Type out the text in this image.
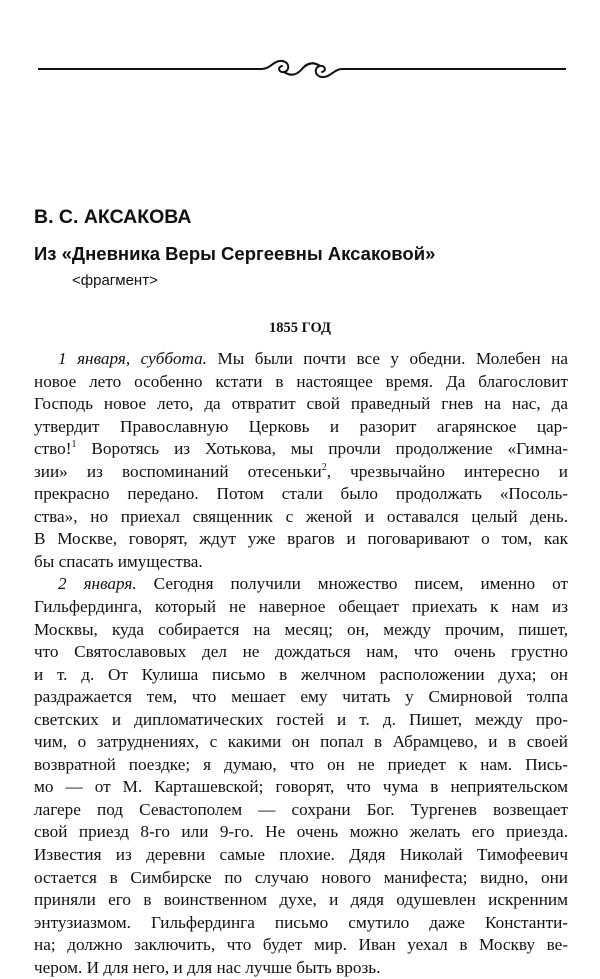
В. С. АКСАКОВА
Из «Дневника Веры Сергеевны Аксаковой»
<фрагмент>
1855 ГОД
1 января, суббота. Мы были почти все у обедни. Молебен на
новое лето особенно кстати в настоящее время. Да благословит
Господь новое лето, да отвратит свой праведный гнев на нас, да
утвердит Православную Церковь и разорит агарянское цар-
ство!$^1$ Воротясь из Хотькова, мы прочли продолжение «Гимна-
зии» из воспоминаний отесеньки$^2$, чрезвычайно интересно и
прекрасно передано. Потом стали было продолжать «Посоль-
ства», но приехал священник с женой и оставался целый день.
В Москве, говорят, ждут уже врагов и поговаривают о том, как
бы спасать имущества.
2 января. Сегодня получили множество писем, именно от
Гильфердинга, который не наверное обещает приехать к нам из
Москвы, куда собирается на месяц; он, между прочим, пишет,
что Святославовых дел не дождаться нам, что очень грустно
и т. д. От Кулиша письмо в желчном расположении духа; он
раздражается тем, что мешает ему читать у Смирновой толпа
светских и дипломатических гостей и т. д. Пишет, между про-
чим, о затруднениях, с какими он попал в Абрамцево, и в своей
возвратной поездке; я думаю, что он не приедет к нам. Пись-
мо — от М. Карташевской; говорят, что чума в неприятельском
лагере под Севастополем — сохрани Бог. Тургенев возвещает
свой приезд 8-го или 9-го. Не очень можно желать его приезда.
Известия из деревни самые плохие. Дядя Николай Тимофеевич
остается в Симбирске по случаю нового манифеста; видно, они
приняли его в воинственном духе, и дядя одушевлен искренним
энтузиазмом. Гильфердинга письмо смутило даже Константи-
на; должно заключить, что будет мир. Иван уехал в Москву ве-
чером. И для него, и для нас лучше быть врозь.
